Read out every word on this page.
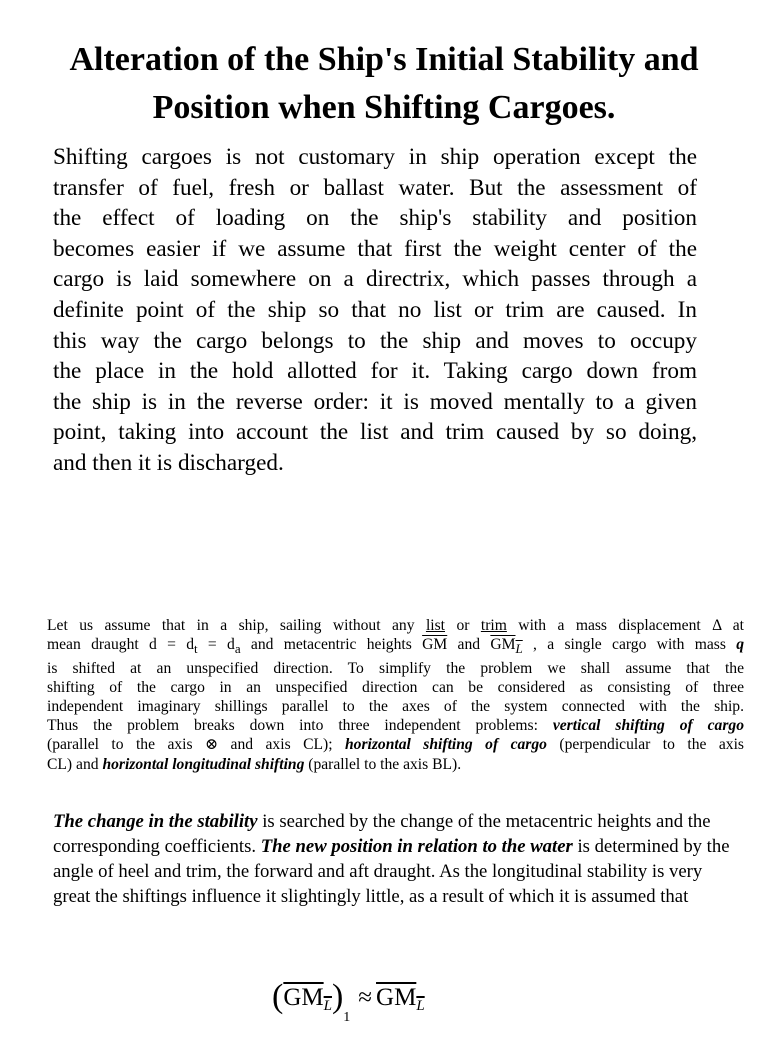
Alteration of the Ship's Initial Stability and
Position when Shifting Cargoes.
Shifting cargoes is not customary in ship operation except the
transfer of fuel, fresh or ballast water. But the assessment of
the effect of loading on the ship's stability and position
becomes easier if we assume that first the weight center of the
cargo is laid somewhere on a directrix, which passes through a
definite point of the ship so that no list or trim are caused. In
this way the cargo belongs to the ship and moves to occupy
the place in the hold allotted for it. Taking cargo down from
the ship is in the reverse order: it is moved mentally to a given
point, taking into account the list and trim caused by so doing,
and then it is discharged.
Let us assume that in a ship, sailing without any list or trim with a mass displacement Δ at
mean draught $d = d_t = d_a$ and metacentric heights $\overline{GM}$ and $GM_L$ , a single cargo with mass q
is shifted at an unspecified direction. To simplify the problem we shall assume that the
shifting of the cargo in an unspecified direction can be considered as consisting of three
independent imaginary shillings parallel to the axes of the system connected with the ship.
Thus the problem breaks down into three independent problems: vertical shifting of cargo
(parallel to the axis ⊗ and axis CL); horizontal shifting of cargo (perpendicular to the axis
CL) and horizontal longitudinal shifting (parallel to the axis BL).

The change in the stability is searched by the change of the metacentric heights and the corresponding coefficients. The new position in relation to the water is determined by the angle of heel and trim, the forward and aft draught. As the longitudinal stability is very great the shiftings influence it slightingly little, as a result of which it is assumed that

$(GM_L)_1\approx GM_L$
